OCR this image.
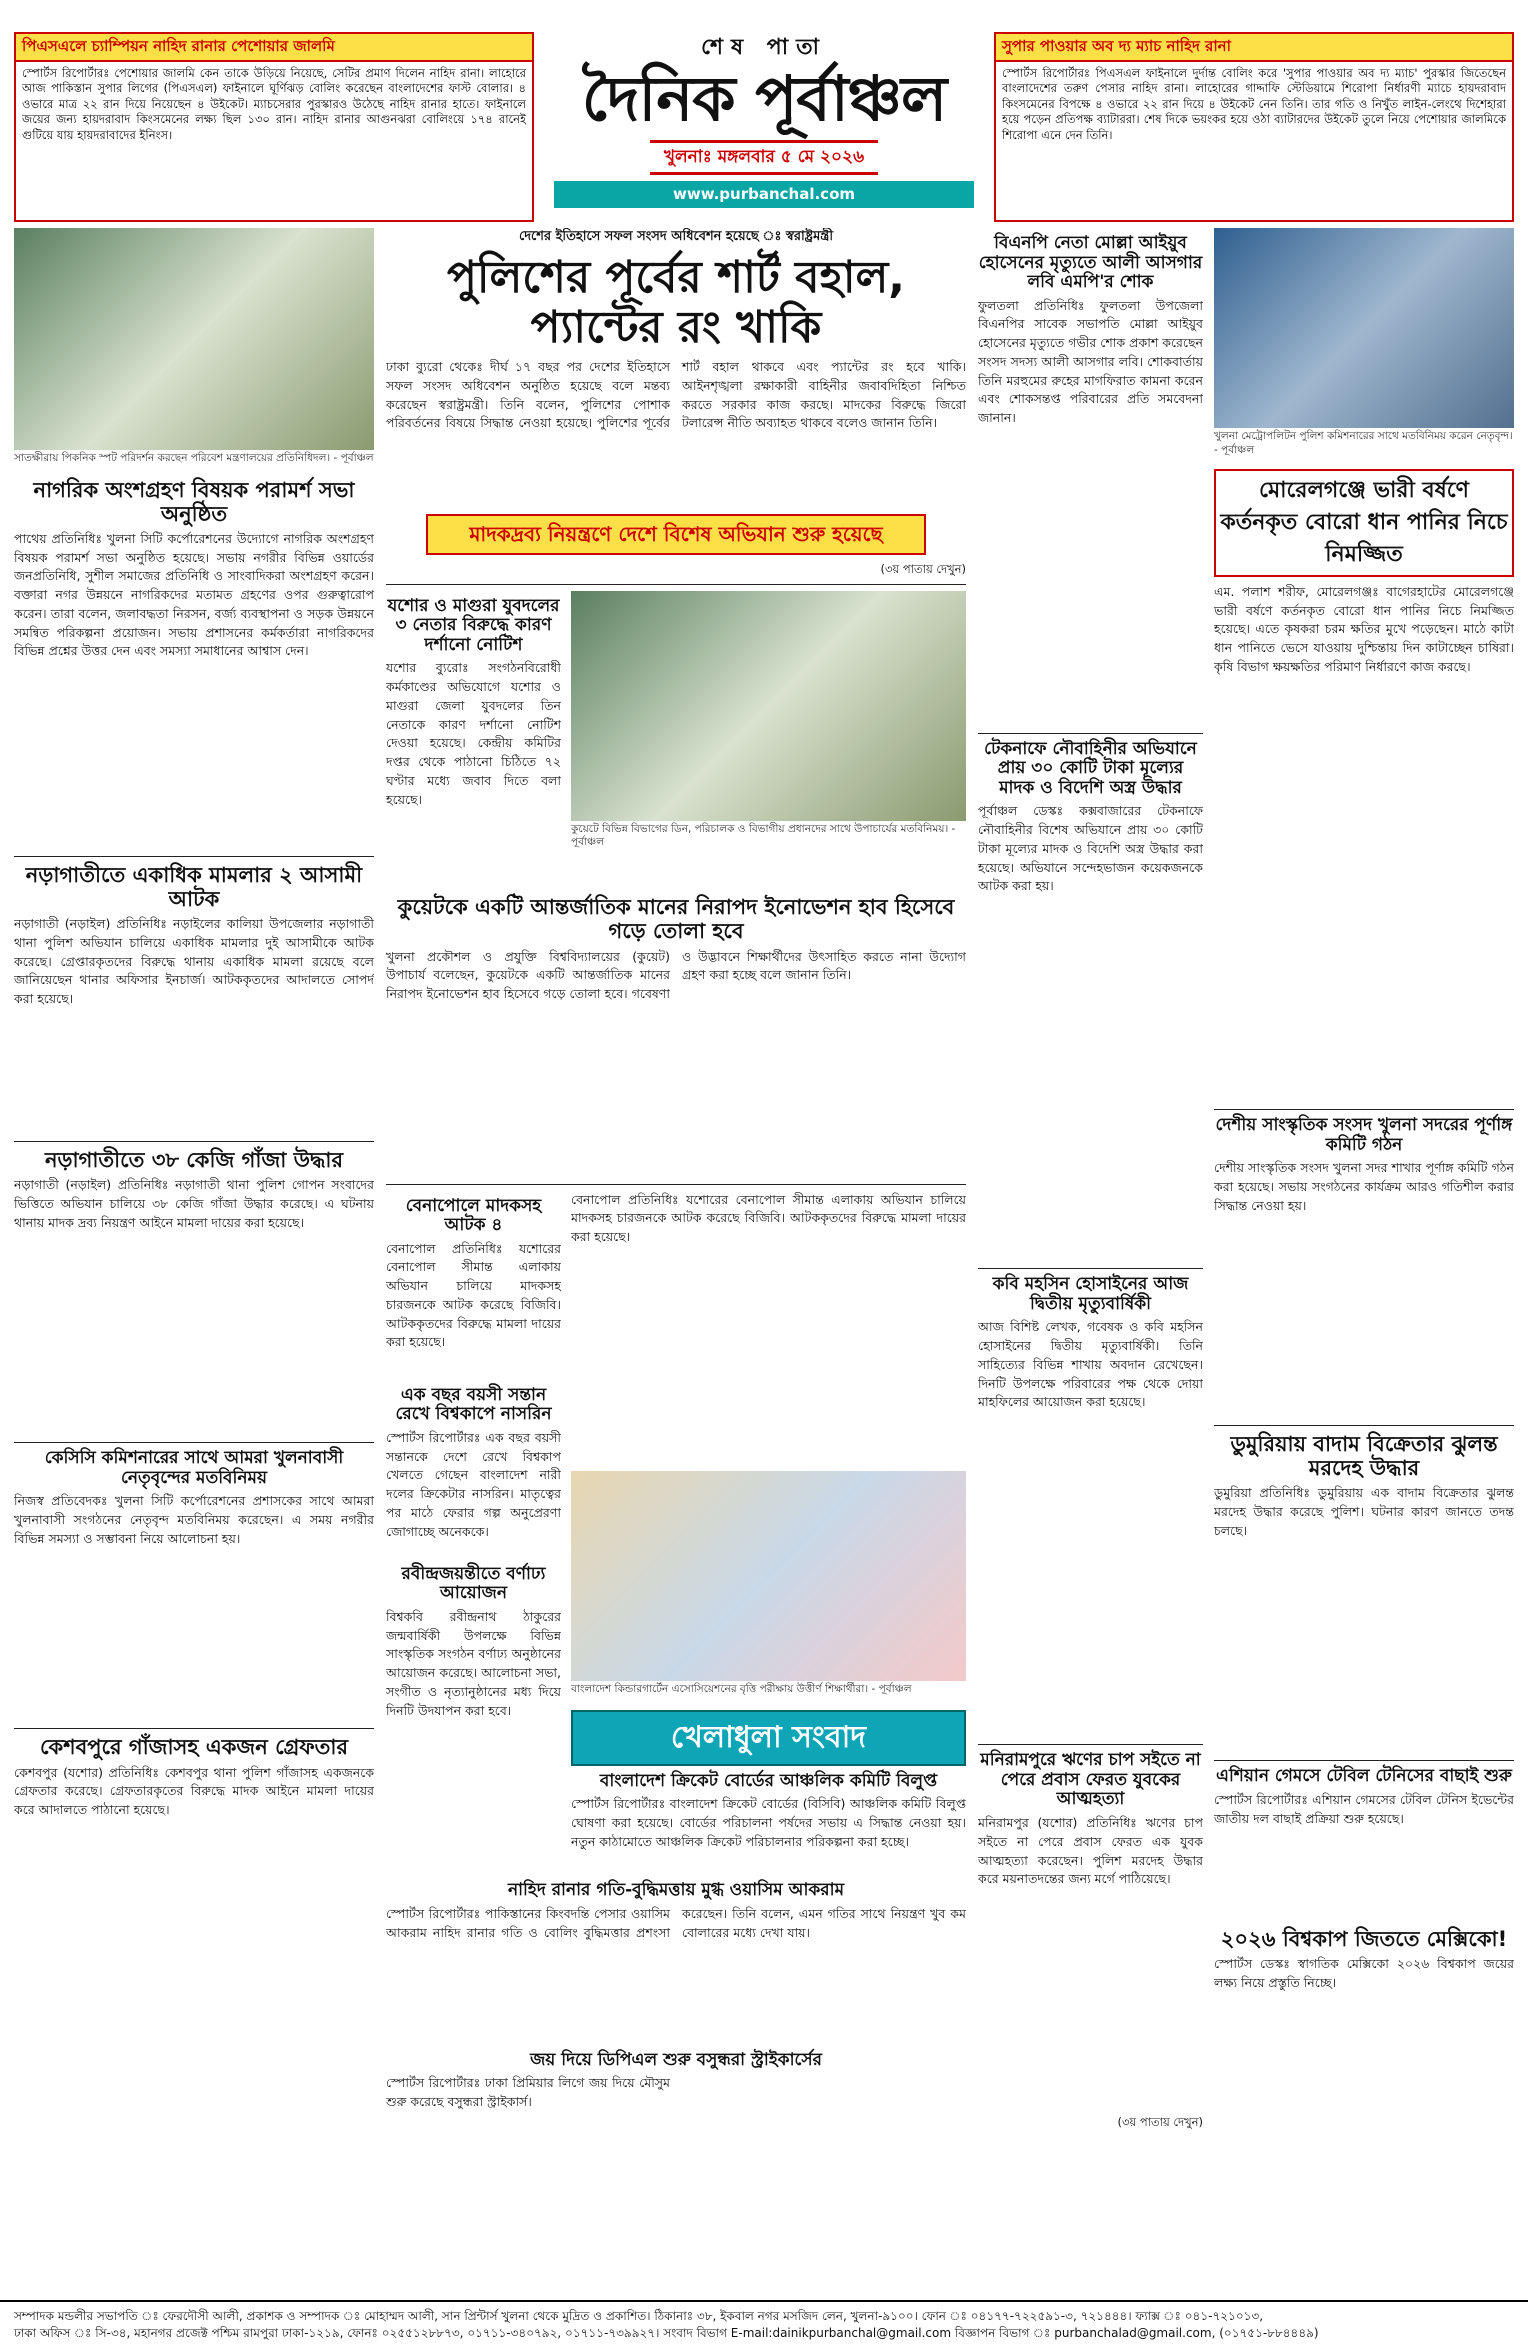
পিএসএলে চ্যাম্পিয়ন নাহিদ রানার পেশোয়ার জালমি
স্পোর্টস রিপোর্টারঃ পেশোয়ার জালমি কেন তাকে উড়িয়ে নিয়েছে, সেটির প্রমাণ দিলেন নাহিদ রানা। লাহোরে আজ পাকিস্তান সুপার লিগের (পিএসএল) ফাইনালে ঘূর্ণিঝড় বোলিং করেছেন বাংলাদেশের ফাস্ট বোলার। ৪ ওভারে মাত্র ২২ রান দিয়ে নিয়েছেন ৪ উইকেট। ম্যাচসেরার পুরস্কারও উঠেছে নাহিদ রানার হাতে। ফাইনালে জয়ের জন্য হায়দরাবাদ কিংসমেনের লক্ষ্য ছিল ১৩০ রান। নাহিদ রানার আগুনঝরা বোলিংয়ে ১৭৪ রানেই গুটিয়ে যায় হায়দরাবাদের ইনিংস।
শেষ পাতা
দৈনিক পূর্বাঞ্চল
খুলনাঃ মঙ্গলবার ৫ মে ২০২৬
www.purbanchal.com
সুপার পাওয়ার অব দ্য ম্যাচ নাহিদ রানা
স্পোর্টস রিপোর্টারঃ পিএসএল ফাইনালে দুর্দান্ত বোলিং করে 'সুপার পাওয়ার অব দ্য ম্যাচ' পুরস্কার জিতেছেন বাংলাদেশের তরুণ পেসার নাহিদ রানা। লাহোরের গাদ্দাফি স্টেডিয়ামে শিরোপা নির্ধারণী ম্যাচে হায়দরাবাদ কিংসমেনের বিপক্ষে ৪ ওভারে ২২ রান দিয়ে ৪ উইকেট নেন তিনি। তার গতি ও নিখুঁত লাইন-লেংথে দিশেহারা হয়ে পড়েন প্রতিপক্ষ ব্যাটাররা। শেষ দিকে ভয়ংকর হয়ে ওঠা ব্যাটারদের উইকেট তুলে নিয়ে পেশোয়ার জালমিকে শিরোপা এনে দেন তিনি।
সাতক্ষীরায় পিকনিক স্পট পরিদর্শন করছেন পরিবেশ মন্ত্রণালয়ের প্রতিনিধিদল। - পূর্বাঞ্চল
নাগরিক অংশগ্রহণ বিষয়ক পরামর্শ সভা অনুষ্ঠিত
পাথেয় প্রতিনিধিঃ খুলনা সিটি কর্পোরেশনের উদ্যোগে নাগরিক অংশগ্রহণ বিষয়ক পরামর্শ সভা অনুষ্ঠিত হয়েছে। সভায় নগরীর বিভিন্ন ওয়ার্ডের জনপ্রতিনিধি, সুশীল সমাজের প্রতিনিধি ও সাংবাদিকরা অংশগ্রহণ করেন। বক্তারা নগর উন্নয়নে নাগরিকদের মতামত গ্রহণের ওপর গুরুত্বারোপ করেন। তারা বলেন, জলাবদ্ধতা নিরসন, বর্জ্য ব্যবস্থাপনা ও সড়ক উন্নয়নে সমন্বিত পরিকল্পনা প্রয়োজন। সভায় প্রশাসনের কর্মকর্তারা নাগরিকদের বিভিন্ন প্রশ্নের উত্তর দেন এবং সমস্যা সমাধানের আশ্বাস দেন।
নড়াগাতীতে একাধিক মামলার ২ আসামী আটক
নড়াগাতী (নড়াইল) প্রতিনিধিঃ নড়াইলের কালিয়া উপজেলার নড়াগাতী থানা পুলিশ অভিযান চালিয়ে একাধিক মামলার দুই আসামীকে আটক করেছে। গ্রেপ্তারকৃতদের বিরুদ্ধে থানায় একাধিক মামলা রয়েছে বলে জানিয়েছেন থানার অফিসার ইনচার্জ। আটককৃতদের আদালতে সোপর্দ করা হয়েছে।
নড়াগাতীতে ৩৮ কেজি গাঁজা উদ্ধার
নড়াগাতী (নড়াইল) প্রতিনিধিঃ নড়াগাতী থানা পুলিশ গোপন সংবাদের ভিত্তিতে অভিযান চালিয়ে ৩৮ কেজি গাঁজা উদ্ধার করেছে। এ ঘটনায় থানায় মাদক দ্রব্য নিয়ন্ত্রণ আইনে মামলা দায়ের করা হয়েছে।
কেসিসি কমিশনারের সাথে আমরা খুলনাবাসী নেতৃবৃন্দের মতবিনিময়
নিজস্ব প্রতিবেদকঃ খুলনা সিটি কর্পোরেশনের প্রশাসকের সাথে আমরা খুলনাবাসী সংগঠনের নেতৃবৃন্দ মতবিনিময় করেছেন। এ সময় নগরীর বিভিন্ন সমস্যা ও সম্ভাবনা নিয়ে আলোচনা হয়।
কেশবপুরে গাঁজাসহ একজন গ্রেফতার
কেশবপুর (যশোর) প্রতিনিধিঃ কেশবপুর থানা পুলিশ গাঁজাসহ একজনকে গ্রেফতার করেছে। গ্রেফতারকৃতের বিরুদ্ধে মাদক আইনে মামলা দায়ের করে আদালতে পাঠানো হয়েছে।
দেশের ইতিহাসে সফল সংসদ অধিবেশন হয়েছে ঃ স্বরাষ্ট্রমন্ত্রী
পুলিশের পূর্বের শার্ট বহাল, প্যান্টের রং খাকি
ঢাকা ব্যুরো থেকেঃ দীর্ঘ ১৭ বছর পর দেশের ইতিহাসে সফল সংসদ অধিবেশন অনুষ্ঠিত হয়েছে বলে মন্তব্য করেছেন স্বরাষ্ট্রমন্ত্রী। তিনি বলেন, পুলিশের পোশাক পরিবর্তনের বিষয়ে সিদ্ধান্ত নেওয়া হয়েছে। পুলিশের পূর্বের শার্ট বহাল থাকবে এবং প্যান্টের রং হবে খাকি। আইনশৃঙ্খলা রক্ষাকারী বাহিনীর জবাবদিহিতা নিশ্চিত করতে সরকার কাজ করছে। মাদকের বিরুদ্ধে জিরো টলারেন্স নীতি অব্যাহত থাকবে বলেও জানান তিনি।
মাদকদ্রব্য নিয়ন্ত্রণে দেশে বিশেষ অভিযান শুরু হয়েছে
(৩য় পাতায় দেখুন)
যশোর ও মাগুরা যুবদলের ৩ নেতার বিরুদ্ধে কারণ দর্শানো নোটিশ
যশোর ব্যুরোঃ সংগঠনবিরোধী কর্মকাণ্ডের অভিযোগে যশোর ও মাগুরা জেলা যুবদলের তিন নেতাকে কারণ দর্শানো নোটিশ দেওয়া হয়েছে। কেন্দ্রীয় কমিটির দপ্তর থেকে পাঠানো চিঠিতে ৭২ ঘণ্টার মধ্যে জবাব দিতে বলা হয়েছে।
কুয়েটে বিভিন্ন বিভাগের ডিন, পরিচালক ও বিভাগীয় প্রধানদের সাথে উপাচার্যের মতবিনিময়। - পূর্বাঞ্চল
কুয়েটকে একটি আন্তর্জাতিক মানের নিরাপদ ইনোভেশন হাব হিসেবে গড়ে তোলা হবে
খুলনা প্রকৌশল ও প্রযুক্তি বিশ্ববিদ্যালয়ের (কুয়েট) উপাচার্য বলেছেন, কুয়েটকে একটি আন্তর্জাতিক মানের নিরাপদ ইনোভেশন হাব হিসেবে গড়ে তোলা হবে। গবেষণা ও উদ্ভাবনে শিক্ষার্থীদের উৎসাহিত করতে নানা উদ্যোগ গ্রহণ করা হচ্ছে বলে জানান তিনি।
বেনাপোলে মাদকসহ আটক ৪
বেনাপোল প্রতিনিধিঃ যশোরের বেনাপোল সীমান্ত এলাকায় অভিযান চালিয়ে মাদকসহ চারজনকে আটক করেছে বিজিবি। আটককৃতদের বিরুদ্ধে মামলা দায়ের করা হয়েছে।
এক বছর বয়সী সন্তান রেখে বিশ্বকাপে নাসরিন
স্পোর্টস রিপোর্টারঃ এক বছর বয়সী সন্তানকে দেশে রেখে বিশ্বকাপ খেলতে গেছেন বাংলাদেশ নারী দলের ক্রিকেটার নাসরিন। মাতৃত্বের পর মাঠে ফেরার গল্প অনুপ্রেরণা জোগাচ্ছে অনেককে।
রবীন্দ্রজয়ন্তীতে বর্ণাঢ্য আয়োজন
বিশ্বকবি রবীন্দ্রনাথ ঠাকুরের জন্মবার্ষিকী উপলক্ষে বিভিন্ন সাংস্কৃতিক সংগঠন বর্ণাঢ্য অনুষ্ঠানের আয়োজন করেছে। আলোচনা সভা, সংগীত ও নৃত্যানুষ্ঠানের মধ্য দিয়ে দিনটি উদযাপন করা হবে।
বেনাপোল প্রতিনিধিঃ যশোরের বেনাপোল সীমান্ত এলাকায় অভিযান চালিয়ে মাদকসহ চারজনকে আটক করেছে বিজিবি। আটককৃতদের বিরুদ্ধে মামলা দায়ের করা হয়েছে।
বাংলাদেশ কিন্ডারগার্টেন এসোসিয়েশনের বৃত্তি পরীক্ষায় উত্তীর্ণ শিক্ষার্থীরা। - পূর্বাঞ্চল
খেলাধুলা সংবাদ
বাংলাদেশ ক্রিকেট বোর্ডের আঞ্চলিক কমিটি বিলুপ্ত
স্পোর্টস রিপোর্টারঃ বাংলাদেশ ক্রিকেট বোর্ডের (বিসিবি) আঞ্চলিক কমিটি বিলুপ্ত ঘোষণা করা হয়েছে। বোর্ডের পরিচালনা পর্ষদের সভায় এ সিদ্ধান্ত নেওয়া হয়। নতুন কাঠামোতে আঞ্চলিক ক্রিকেট পরিচালনার পরিকল্পনা করা হচ্ছে।
নাহিদ রানার গতি-বুদ্ধিমত্তায় মুগ্ধ ওয়াসিম আকরাম
স্পোর্টস রিপোর্টারঃ পাকিস্তানের কিংবদন্তি পেসার ওয়াসিম আকরাম নাহিদ রানার গতি ও বোলিং বুদ্ধিমত্তার প্রশংসা করেছেন। তিনি বলেন, এমন গতির সাথে নিয়ন্ত্রণ খুব কম বোলারের মধ্যে দেখা যায়।
জয় দিয়ে ডিপিএল শুরু বসুন্ধরা স্ট্রাইকার্সের
স্পোর্টস রিপোর্টারঃ ঢাকা প্রিমিয়ার লিগে জয় দিয়ে মৌসুম শুরু করেছে বসুন্ধরা স্ট্রাইকার্স।
বিএনপি নেতা মোল্লা আইয়ুব হোসেনের মৃত্যুতে আলী আসগার লবি এমপি'র শোক
ফুলতলা প্রতিনিধিঃ ফুলতলা উপজেলা বিএনপির সাবেক সভাপতি মোল্লা আইয়ুব হোসেনের মৃত্যুতে গভীর শোক প্রকাশ করেছেন সংসদ সদস্য আলী আসগার লবি। শোকবার্তায় তিনি মরহুমের রুহের মাগফিরাত কামনা করেন এবং শোকসন্তপ্ত পরিবারের প্রতি সমবেদনা জানান।
টেকনাফে নৌবাহিনীর অভিযানে প্রায় ৩০ কোটি টাকা মূল্যের মাদক ও বিদেশি অস্ত্র উদ্ধার
পূর্বাঞ্চল ডেস্কঃ কক্সবাজারের টেকনাফে নৌবাহিনীর বিশেষ অভিযানে প্রায় ৩০ কোটি টাকা মূল্যের মাদক ও বিদেশি অস্ত্র উদ্ধার করা হয়েছে। অভিযানে সন্দেহভাজন কয়েকজনকে আটক করা হয়।
কবি মহসিন হোসাইনের আজ দ্বিতীয় মৃত্যুবার্ষিকী
আজ বিশিষ্ট লেখক, গবেষক ও কবি মহসিন হোসাইনের দ্বিতীয় মৃত্যুবার্ষিকী। তিনি সাহিত্যের বিভিন্ন শাখায় অবদান রেখেছেন। দিনটি উপলক্ষে পরিবারের পক্ষ থেকে দোয়া মাহফিলের আয়োজন করা হয়েছে।
মনিরামপুরে ঋণের চাপ সইতে না পেরে প্রবাস ফেরত যুবকের আত্মহত্যা
মনিরামপুর (যশোর) প্রতিনিধিঃ ঋণের চাপ সইতে না পেরে প্রবাস ফেরত এক যুবক আত্মহত্যা করেছেন। পুলিশ মরদেহ উদ্ধার করে ময়নাতদন্তের জন্য মর্গে পাঠিয়েছে।
(৩য় পাতায় দেখুন)
খুলনা মেট্রোপলিটন পুলিশ কমিশনারের সাথে মতবিনিময় করেন নেতৃবৃন্দ। - পূর্বাঞ্চল
মোরেলগঞ্জে ভারী বর্ষণে কর্তনকৃত বোরো ধান পানির নিচে নিমজ্জিত
এম. পলাশ শরীফ, মোরেলগঞ্জঃ বাগেরহাটের মোরেলগঞ্জে ভারী বর্ষণে কর্তনকৃত বোরো ধান পানির নিচে নিমজ্জিত হয়েছে। এতে কৃষকরা চরম ক্ষতির মুখে পড়েছেন। মাঠে কাটা ধান পানিতে ভেসে যাওয়ায় দুশ্চিন্তায় দিন কাটাচ্ছেন চাষিরা। কৃষি বিভাগ ক্ষয়ক্ষতির পরিমাণ নির্ধারণে কাজ করছে।
দেশীয় সাংস্কৃতিক সংসদ খুলনা সদরের পূর্ণাঙ্গ কমিটি গঠন
দেশীয় সাংস্কৃতিক সংসদ খুলনা সদর শাখার পূর্ণাঙ্গ কমিটি গঠন করা হয়েছে। সভায় সংগঠনের কার্যক্রম আরও গতিশীল করার সিদ্ধান্ত নেওয়া হয়।
ডুমুরিয়ায় বাদাম বিক্রেতার ঝুলন্ত মরদেহ উদ্ধার
ডুমুরিয়া প্রতিনিধিঃ ডুমুরিয়ায় এক বাদাম বিক্রেতার ঝুলন্ত মরদেহ উদ্ধার করেছে পুলিশ। ঘটনার কারণ জানতে তদন্ত চলছে।
এশিয়ান গেমসে টেবিল টেনিসের বাছাই শুরু
স্পোর্টস রিপোর্টারঃ এশিয়ান গেমসের টেবিল টেনিস ইভেন্টের জাতীয় দল বাছাই প্রক্রিয়া শুরু হয়েছে।
২০২৬ বিশ্বকাপ জিততে মেক্সিকো!
স্পোর্টস ডেস্কঃ স্বাগতিক মেক্সিকো ২০২৬ বিশ্বকাপ জয়ের লক্ষ্য নিয়ে প্রস্তুতি নিচ্ছে।
সম্পাদক মন্ডলীর সভাপতি ঃ ফেরদৌসী আলী, প্রকাশক ও সম্পাদক ঃ মোহাম্মদ আলী, সান প্রিন্টার্স খুলনা থেকে মুদ্রিত ও প্রকাশিত। ঠিকানাঃ ৩৮, ইকবাল নগর মসজিদ লেন, খুলনা-৯১০০। ফোন ঃ ০৪১৭৭-৭২২৫৯১-৩, ৭২১৪৪৪। ফ্যাক্স ঃ ০৪১-৭২১০১৩,
ঢাকা অফিস ঃ সি-৩৪, মহানগর প্রজেক্ট পশ্চিম রামপুরা ঢাকা-১২১৯, ফোনঃ ০২৫৫১২৮৮৭৩, ০১৭১১-৩৪০৭৯২, ০১৭১১-৭৩৯৯২৭। সংবাদ বিভাগ E-mail:dainikpurbanchal@gmail.com বিজ্ঞাপন বিভাগ ঃ purbanchalad@gmail.com, (০১৭৫১-৮৮৪৪৪৯)
